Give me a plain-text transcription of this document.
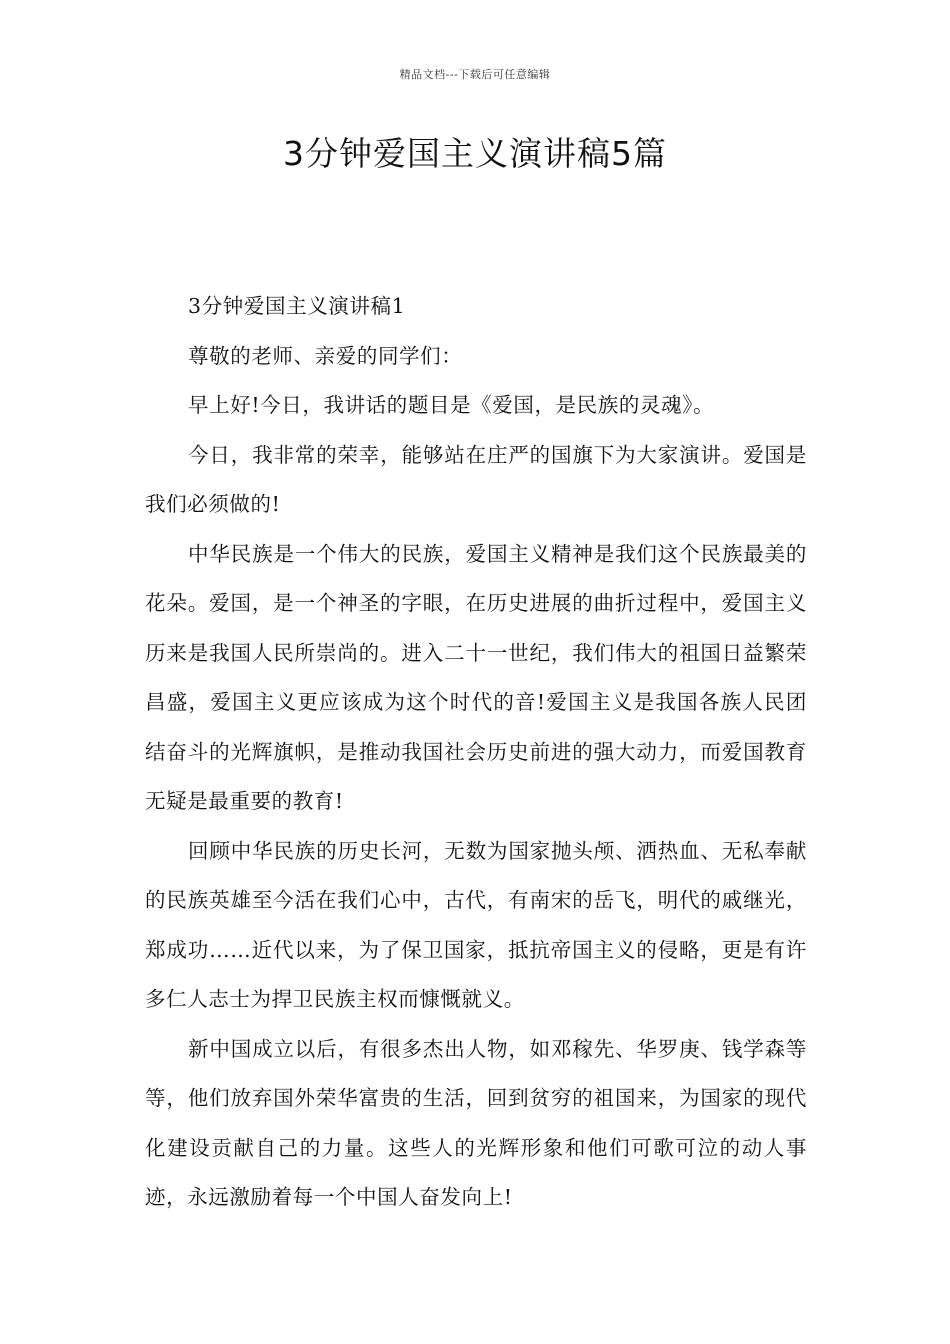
精品文档---下载后可任意编辑
3分钟爱国主义演讲稿5篇

3分钟爱国主义演讲稿1

尊敬的老师、亲爱的同学们：

早上好!今日，我讲话的题目是《爱国，是民族的灵魂》。

今日，我非常的荣幸，能够站在庄严的国旗下为大家演讲。爱国是我们必须做的!

中华民族是一个伟大的民族，爱国主义精神是我们这个民族最美的花朵。爱国，是一个神圣的字眼，在历史进展的曲折过程中，爱国主义历来是我国人民所崇尚的。进入二十一世纪，我们伟大的祖国日益繁荣昌盛，爱国主义更应该成为这个时代的音!爱国主义是我国各族人民团结奋斗的光辉旗帜，是推动我国社会历史前进的强大动力，而爱国教育无疑是最重要的教育!

回顾中华民族的历史长河，无数为国家抛头颅、洒热血、无私奉献的民族英雄至今活在我们心中，古代，有南宋的岳飞，明代的戚继光，郑成功……近代以来，为了保卫国家，抵抗帝国主义的侵略，更是有许多仁人志士为捍卫民族主权而慷慨就义。

新中国成立以后，有很多杰出人物，如邓稼先、华罗庚、钱学森等等，他们放弃国外荣华富贵的生活，回到贫穷的祖国来，为国家的现代化建设贡献自己的力量。这些人的光辉形象和他们可歌可泣的动人事迹，永远激励着每一个中国人奋发向上!
